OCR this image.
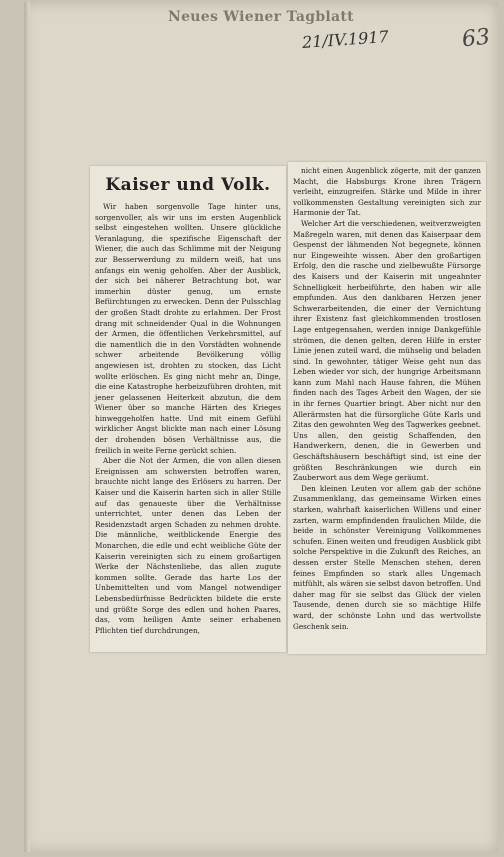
Neues Wiener Tagblatt
21/IV.1917	63
Kaiser und Volk.

Wir haben sorgenvolle Tage hinter uns, sorgenvoller, als wir uns im ersten Augenblick selbst eingestehen wollten. Unsere glückliche Veranlagung, die spezifische Eigenschaft der Wiener, die auch das Schlimme mit der Neigung zur Besserwerdung zu mildern weiß, hat uns anfangs ein wenig geholfen. Aber der Ausblick, der sich bei näherer Betrachtung bot, war immerhin düster genug, um ernste Befürchtungen zu erwecken. Denn der Pulsschlag der großen Stadt drohte zu erlahmen. Der Frost drang mit schneidender Qual in die Wohnungen der Armen, die öffentlichen Verkehrsmittel, auf die namentlich die in den Vorstädten wohnende schwer arbeitende Bevölkerung völlig angewiesen ist, drohten zu stocken, das Licht wollte erlöschen. Es ging nicht mehr an, Dinge, die eine Katastrophe herbeizuführen drohten, mit jener gelassenen Heiterkeit abzutun, die dem Wiener über so manche Härten des Krieges hinweggeholfen hatte. Und mit einem Gefühl wirklicher Angst blickte man nach einer Lösung der drohenden bösen Verhältnisse aus, die freilich in weite Ferne gerückt schien.

Aber die Not der Armen, die von allen diesen Ereignissen am schwersten betroffen waren, brauchte nicht lange des Erlösers zu harren. Der Kaiser und die Kaiserin harten sich in aller Stille auf das genaueste über die Verhältnisse unterrichtet, unter denen das Leben der Residenzstadt argen Schaden zu nehmen drohte. Die männliche, weitblickende Energie des Monarchen, die edle und echt weibliche Güte der Kaiserin vereinigten sich zu einem großartigen Werke der Nächstenliebe, das allen zugute kommen sollte. Gerade das harte Los der Unbemittelten und vom Mangel notwendiger Lebensbedürfnisse Bedrückten bildete die erste und größte Sorge des edlen und hohen Paares, das, vom heiligen Amte seiner erhabenen Pflichten tief durchdrungen,

nicht einen Augenblick zögerte, mit der ganzen Macht, die Habsburgs Krone ihren Trägern verleiht, einzugreifen. Stärke und Milde in ihrer vollkommensten Gestaltung vereinigten sich zur Harmonie der Tat.

Welcher Art die verschiedenen, weitverzweigten Maßregeln waren, mit denen das Kaiserpaar dem Gespenst der lähmenden Not begegnete, können nur Eingeweihte wissen. Aber den großartigen Erfolg, den die rasche und zielbewußte Fürsorge des Kaisers und der Kaiserin mit ungeahnter Schnelligkeit herbeiführte, den haben wir alle empfunden. Aus den dankbaren Herzen jener Schwerarbeitenden, die einer der Vernichtung ihrer Existenz fast gleichkommenden trostlosen Lage entgegensahen, werden innige Dankgefühle strömen, die denen gelten, deren Hilfe in erster Linie jenen zuteil ward, die mühselig und beladen sind. In gewohnter, tätiger Weise geht nun das Leben wieder vor sich, der hungrige Arbeitsmann kann zum Mahl nach Hause fahren, die Mühen finden nach des Tages Arbeit den Wagen, der sie in ihr fernes Quartier bringt. Aber nicht nur den Allerärmsten hat die fürsorgliche Güte Karls und Zitas den gewohnten Weg des Tagwerkes geebnet. Uns allen, den geistig Schaffenden, den Handwerkern, denen, die in Gewerben und Geschäftshäusern beschäftigt sind, ist eine der größten Beschränkungen wie durch ein Zauberwort aus dem Wege geräumt.

Den kleinen Leuten vor allem gab der schöne Zusammenklang, das gemeinsame Wirken eines starken, wahrhaft kaiserlichen Willens und einer zarten, warm empfindenden fraulichen Milde, die beide in schönster Vereinigung Vollkommenes schufen. Einen weiten und freudigen Ausblick gibt solche Perspektive in die Zukunft des Reiches, an dessen erster Stelle Menschen stehen, deren feines Empfinden so stark alles Ungemach mitfühlt, als wären sie selbst davon betroffen. Und daher mag für sie selbst das Glück der vielen Tausende, denen durch sie so mächtige Hilfe ward, der schönste Lohn und das wertvollste Geschenk sein.
